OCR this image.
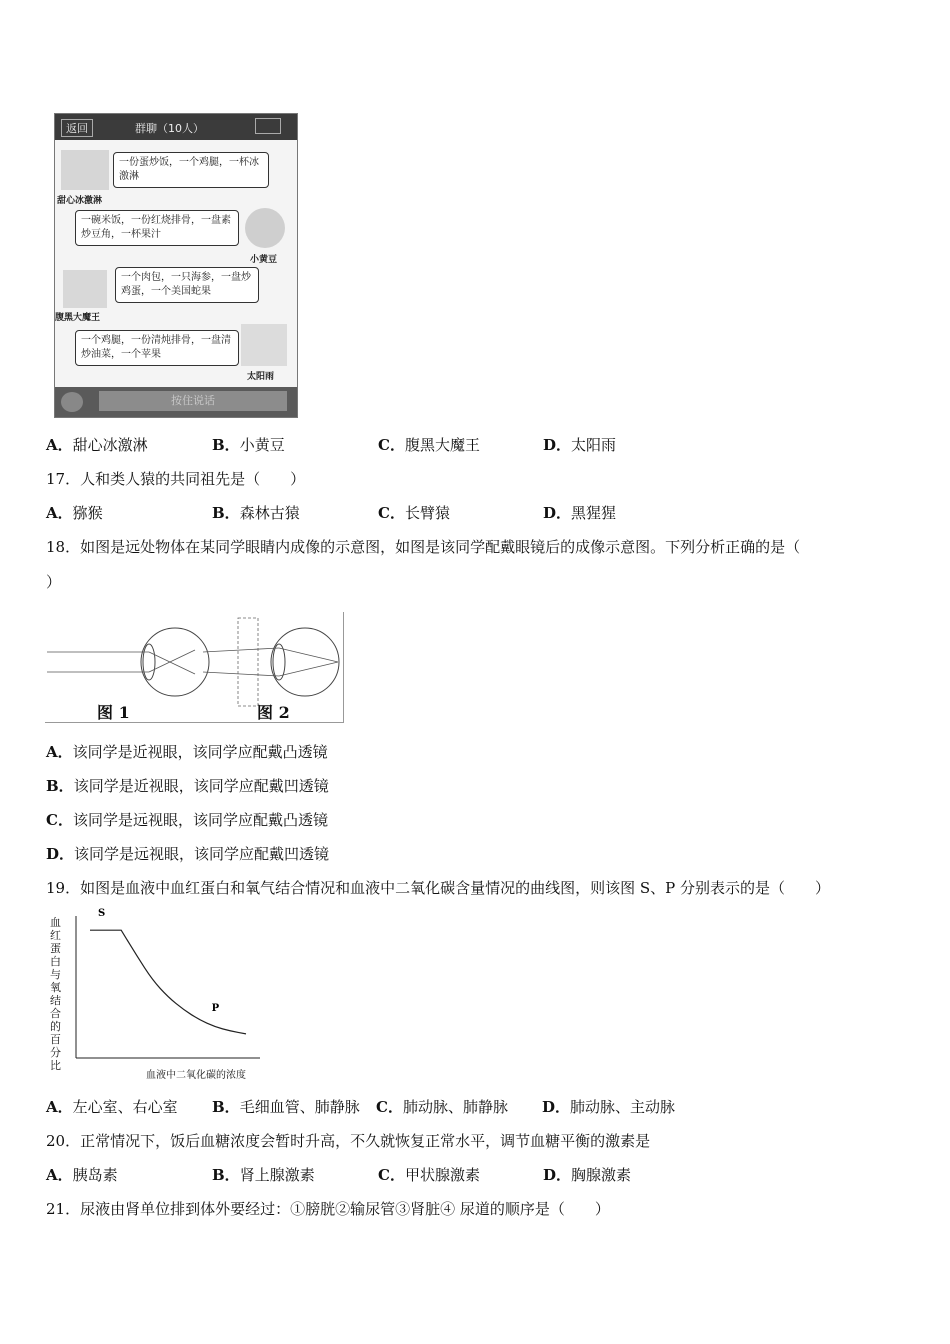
返回	群聊（10人）
甜心冰激淋
一份蛋炒饭，一个鸡腿，一杯冰激淋
一碗米饭，一份红烧排骨，一盘素炒豆角，一杯果汁
小黄豆
腹黑大魔王
一个肉包，一只海参，一盘炒鸡蛋，一个美国蛇果
一个鸡腿，一份清炖排骨，一盘清炒油菜，一个苹果
太阳雨
按住说话
A．甜心冰激淋	B．小黄豆	C．腹黑大魔王	D．太阳雨
17．人和类人猿的共同祖先是（　　）
A．猕猴	B．森林古猿	C．长臂猿	D．黑猩猩
18．如图是远处物体在某同学眼睛内成像的示意图，如图是该同学配戴眼镜后的成像示意图。下列分析正确的是（
）
图 1	图 2
A．该同学是近视眼，该同学应配戴凸透镜
B．该同学是近视眼，该同学应配戴凹透镜
C．该同学是远视眼，该同学应配戴凸透镜
D．该同学是远视眼，该同学应配戴凹透镜
19．如图是血液中血红蛋白和氧气结合情况和血液中二氧化碳含量情况的曲线图，则该图 S、P 分别表示的是（　　）
血红蛋白与氧结合的百分比
S
P
血液中二氧化碳的浓度
A．左心室、右心室 B．毛细血管、肺静脉 C．肺动脉、肺静脉 D．肺动脉、主动脉
20．正常情况下，饭后血糖浓度会暂时升高，不久就恢复正常水平，调节血糖平衡的激素是
A．胰岛素	B．肾上腺激素	C．甲状腺激素	D．胸腺激素
21．尿液由肾单位排到体外要经过：①膀胱②输尿管③肾脏④ 尿道的顺序是（　　）
